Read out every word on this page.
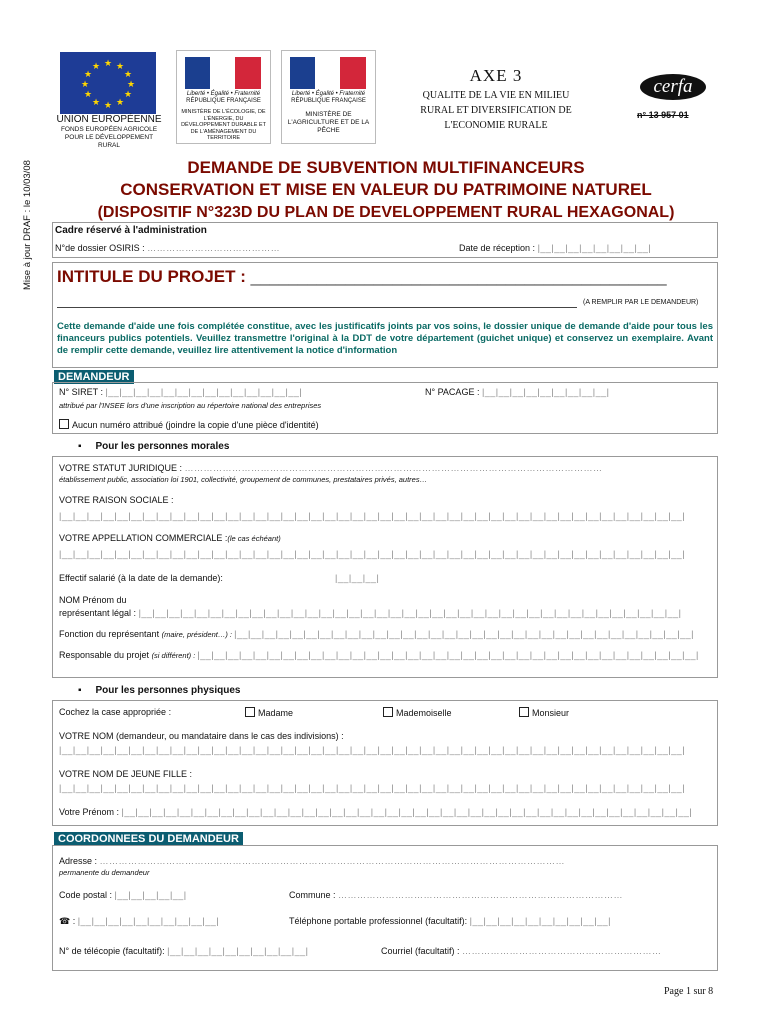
Mise à jour DRAF : le 10/03/08
★ ★
★
★
★
★
★
★
★
★
★
★
UNION EUROPÉENNE
FONDS EUROPÉEN AGRICOLE
POUR LE DÉVELOPPEMENT RURAL
Liberté • Égalité • Fraternité
RÉPUBLIQUE FRANÇAISE
MINISTÈRE DE L'ÉCOLOGIE, DE L'ÉNERGIE, DU DÉVELOPPEMENT DURABLE ET DE L'AMÉNAGEMENT DU TERRITOIRE
Liberté • Égalité • Fraternité
RÉPUBLIQUE FRANÇAISE
MINISTÈRE DE L'AGRICULTURE ET DE LA PÊCHE
AXE 3
QUALITE DE LA VIE EN MILIEU
RURAL ET DIVERSIFICATION DE
L'ECONOMIE RURALE
cerfa
n° 13 957 01
DEMANDE DE SUBVENTION MULTIFINANCEURS
CONSERVATION ET MISE EN VALEUR DU PATRIMOINE NATUREL
(DISPOSITIF N°323D DU PLAN DE DEVELOPPEMENT RURAL HEXAGONAL)
Cadre réservé à l'administration
N°de dossier OSIRIS : ……………………………………	Date de réception : |__|__|__|__|__|__|__|__|
INTITULE DU PROJET : ____________________________________________
(A REMPLIR PAR LE DEMANDEUR)
Cette demande d'aide une fois complétée constitue, avec les justificatifs joints par vos soins, le dossier unique de demande d'aide pour tous les financeurs publics potentiels. Veuillez transmettre l'original à la DDT de votre département (guichet unique) et conservez un exemplaire. Avant de remplir cette demande, veuillez lire attentivement la notice d'information
DEMANDEUR
N° SIRET : |__|__|__|__|__|__|__|__|__|__|__|__|__|__|	N° PACAGE : |__|__|__|__|__|__|__|__|__|
attribué par l'INSEE lors d'une inscription au répertoire national des entreprises
Aucun numéro attribué (joindre la copie d'une pièce d'identité)
▪     Pour les personnes morales
VOTRE STATUT JURIDIQUE : ……………………………………………………………………………………………………………………
établissement public, association loi 1901, collectivité, groupement de communes, prestataires privés, autres…
VOTRE RAISON SOCIALE :
|__|__|__|__|__|__|__|__|__|__|__|__|__|__|__|__|__|__|__|__|__|__|__|__|__|__|__|__|__|__|__|__|__|__|__|__|__|__|__|__|__|__|__|__|__|
VOTRE APPELLATION COMMERCIALE :(le cas échéant)
|__|__|__|__|__|__|__|__|__|__|__|__|__|__|__|__|__|__|__|__|__|__|__|__|__|__|__|__|__|__|__|__|__|__|__|__|__|__|__|__|__|__|__|__|__|
Effectif salarié (à la date de la demande):	|__|__|__|
NOM Prénom du
représentant légal : |__|__|__|__|__|__|__|__|__|__|__|__|__|__|__|__|__|__|__|__|__|__|__|__|__|__|__|__|__|__|__|__|__|__|__|__|__|__|__|
Fonction du représentant (maire, président…) : |__|__|__|__|__|__|__|__|__|__|__|__|__|__|__|__|__|__|__|__|__|__|__|__|__|__|__|__|__|__|__|__|__|
Responsable du projet (si différent) : |__|__|__|__|__|__|__|__|__|__|__|__|__|__|__|__|__|__|__|__|__|__|__|__|__|__|__|__|__|__|__|__|__|__|__|__|
▪     Pour les personnes physiques
Cochez la case appropriée :	Madame	Mademoiselle	Monsieur
VOTRE NOM (demandeur, ou mandataire dans le cas des indivisions) :
|__|__|__|__|__|__|__|__|__|__|__|__|__|__|__|__|__|__|__|__|__|__|__|__|__|__|__|__|__|__|__|__|__|__|__|__|__|__|__|__|__|__|__|__|__|
VOTRE NOM DE JEUNE FILLE :
|__|__|__|__|__|__|__|__|__|__|__|__|__|__|__|__|__|__|__|__|__|__|__|__|__|__|__|__|__|__|__|__|__|__|__|__|__|__|__|__|__|__|__|__|__|
Votre Prénom : |__|__|__|__|__|__|__|__|__|__|__|__|__|__|__|__|__|__|__|__|__|__|__|__|__|__|__|__|__|__|__|__|__|__|__|__|__|__|__|__|__|
COORDONNEES DU DEMANDEUR
Adresse : …………………………………………………………………………………………………………………………………
permanente du demandeur
Code postal : |__|__|__|__|__|	Commune : ………………………………………………………………………………
☎ : |__|__|__|__|__|__|__|__|__|__|	Téléphone portable professionnel (facultatif): |__|__|__|__|__|__|__|__|__|__|
N° de télécopie (facultatif): |__|__|__|__|__|__|__|__|__|__|	Courriel (facultatif) : ………………………………………………………
Page 1 sur 8
